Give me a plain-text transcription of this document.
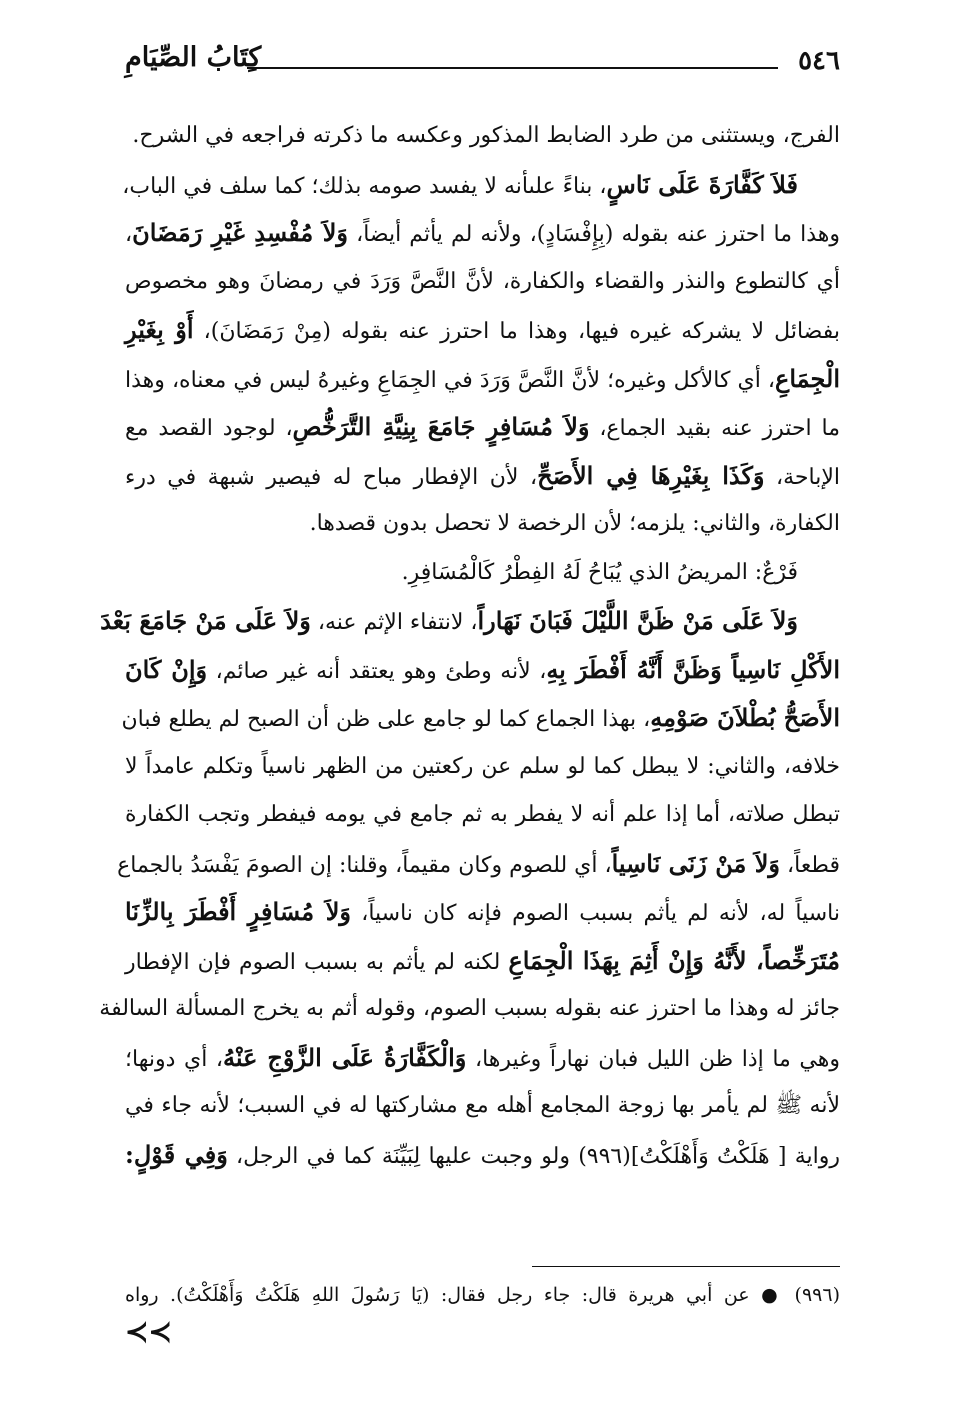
٥٤٦
كِتَابُ الصِّيَامِ
الفرج، ويستثنى من طرد الضابط المذكور وعكسه ما ذكرته فراجعه في الشرح.
فَلاَ كَفَّارَةَ عَلَى نَاسٍ، بناءً علىأنه لا يفسد صومه بذلك؛ كما سلف في الباب،
وهذا ما احترز عنه بقوله (بِإِفْسَادٍ)، ولأنه لم يأثم أيضاً، وَلاَ مُفْسِدِ غَيْرِ رَمَضَانَ،
أي كالتطوع والنذر والقضاء والكفارة، لأنَّ النَّصَّ وَرَدَ في رمضانَ وهو مخصوص
بفضائل لا يشركه غيره فيها، وهذا ما احترز عنه بقوله (مِنْ رَمَضَانَ)، أَوْ بِغَيْرِ
الْجِمَاعِ، أي كالأكل وغيره؛ لأنَّ النَّصَّ وَرَدَ في الجِمَاعِ وغيرهُ ليس في معناه، وهذا
ما احترز عنه بقيد الجماع، وَلاَ مُسَافِرٍ جَامَعَ بِنِيَّةِ التَّرَخُّصِ، لوجود القصد مع
الإباحة، وَكَذَا بِغَيْرِهَا فِي الأَصَحِّ، لأن الإفطار مباح له فيصير شبهة في درء
الكفارة، والثاني: يلزمه؛ لأن الرخصة لا تحصل بدون قصدها.
فَرْعٌ: المريضُ الذي يُبَاحُ لَهُ الفِطْرُ كَالْمُسَافِرِ.
وَلاَ عَلَى مَنْ ظَنَّ اللَّيْلَ فَبَانَ نَهَاراً، لانتفاء الإثم عنه، وَلاَ عَلَى مَنْ جَامَعَ بَعْدَ
الأَكْلِ نَاسِياً وَظَنَّ أَنَّهُ أَفْطَرَ بِهِ، لأنه وطئ وهو يعتقد أنه غير صائم، وَإِنْ كَانَ
الأَصَحُّ بُطْلاَنَ صَوْمِهِ، بهذا الجماع كما لو جامع على ظن أن الصبح لم يطلع فبان
خلافه، والثاني: لا يبطل كما لو سلم عن ركعتين من الظهر ناسياً وتكلم عامداً لا
تبطل صلاته، أما إذا علم أنه لا يفطر به ثم جامع في يومه فيفطر وتجب الكفارة
قطعاً، وَلاَ مَنْ زَنَى نَاسِياً، أي للصوم وكان مقيماً، وقلنا: إن الصومَ يَفْسَدُ بالجماع
ناسياً له، لأنه لم يأثم بسبب الصوم فإنه كان ناسياً، وَلاَ مُسَافِرٍ أَفْطَرَ بِالزِّنَا
مُتَرَخِّصاً، لأَنَّهُ وَإِنْ أَثِمَ بِهَذَا الْجِمَاعِ لكنه لم يأثم به بسبب الصوم فإن الإفطار
جائز له وهذا ما احترز عنه بقوله بسبب الصوم، وقوله أثم به يخرج المسألة السالفة
وهي ما إذا ظن الليل فبان نهاراً وغيرها، وَالْكَفَّارَةُ عَلَى الزَّوْجِ عَنْهُ، أي دونها؛
لأنه ﷺ لم يأمر بها زوجة المجامع أهله مع مشاركتها له في السبب؛ لأنه جاء في
رواية [ هَلَكْتُ وَأَهْلَكْتُ](٩٩٦) ولو وجبت عليها لِبَيِّنَة كما في الرجل، وَفِي قَوْلٍ:
(٩٩٦) ● عن أبي هريرة قال: جاء رجل فقال: (يَا رَسُولَ اللهِ هَلَكْتُ وَأَهْلَكْتُ). رواه
≺≺
